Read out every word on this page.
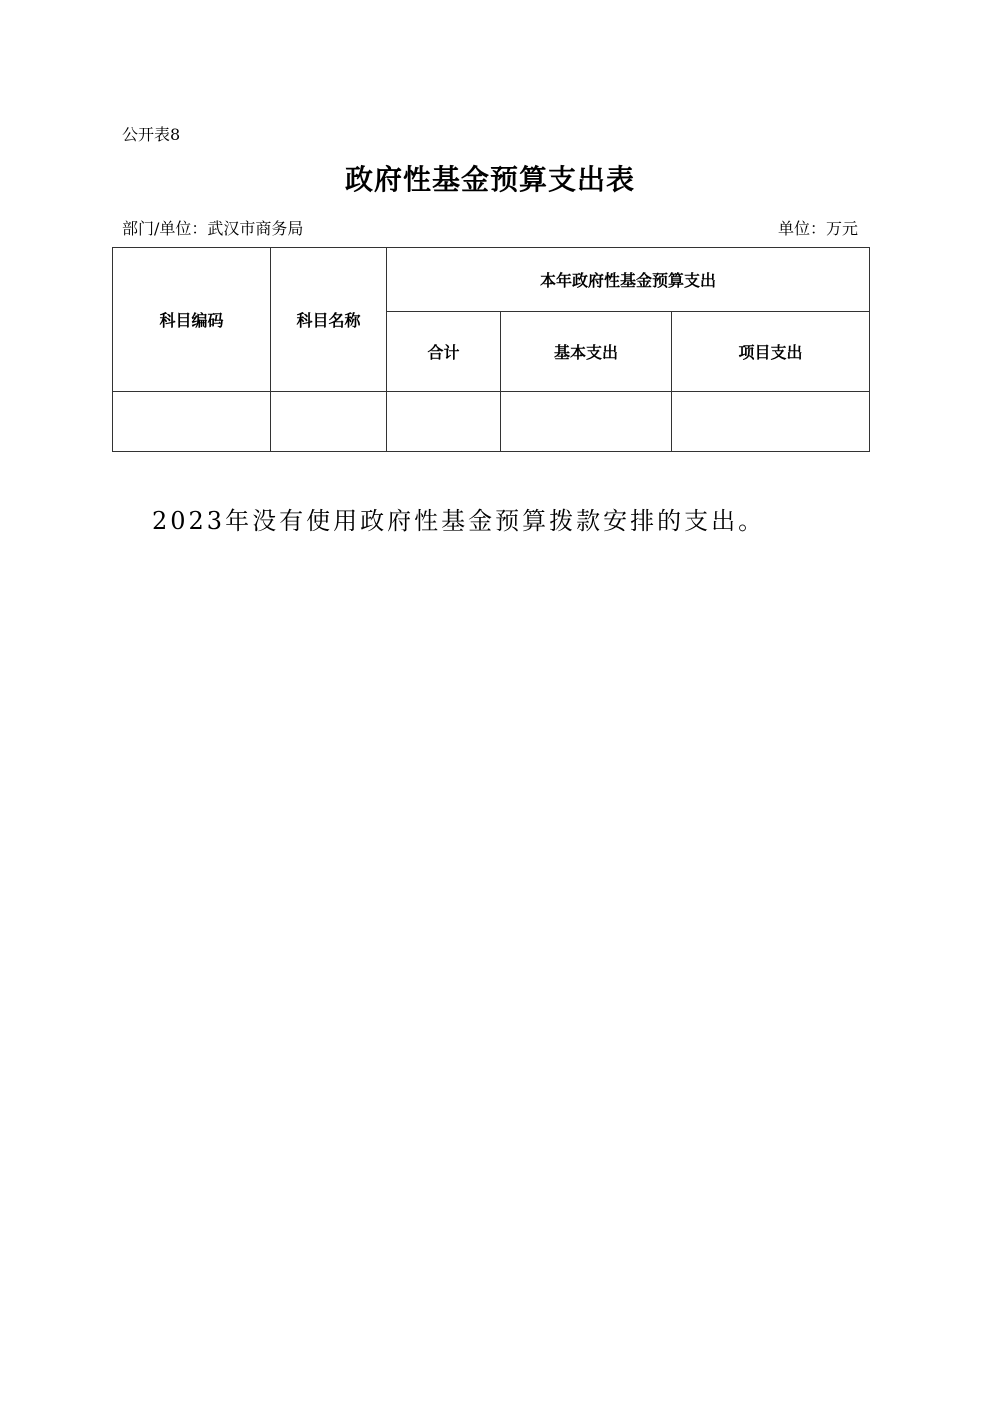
公开表8
政府性基金预算支出表
部门/单位：武汉市商务局	单位：万元
科目编码	科目名称	本年政府性基金预算支出		
		合计	基本支出	项目支出

2023年没有使用政府性基金预算拨款安排的支出。
